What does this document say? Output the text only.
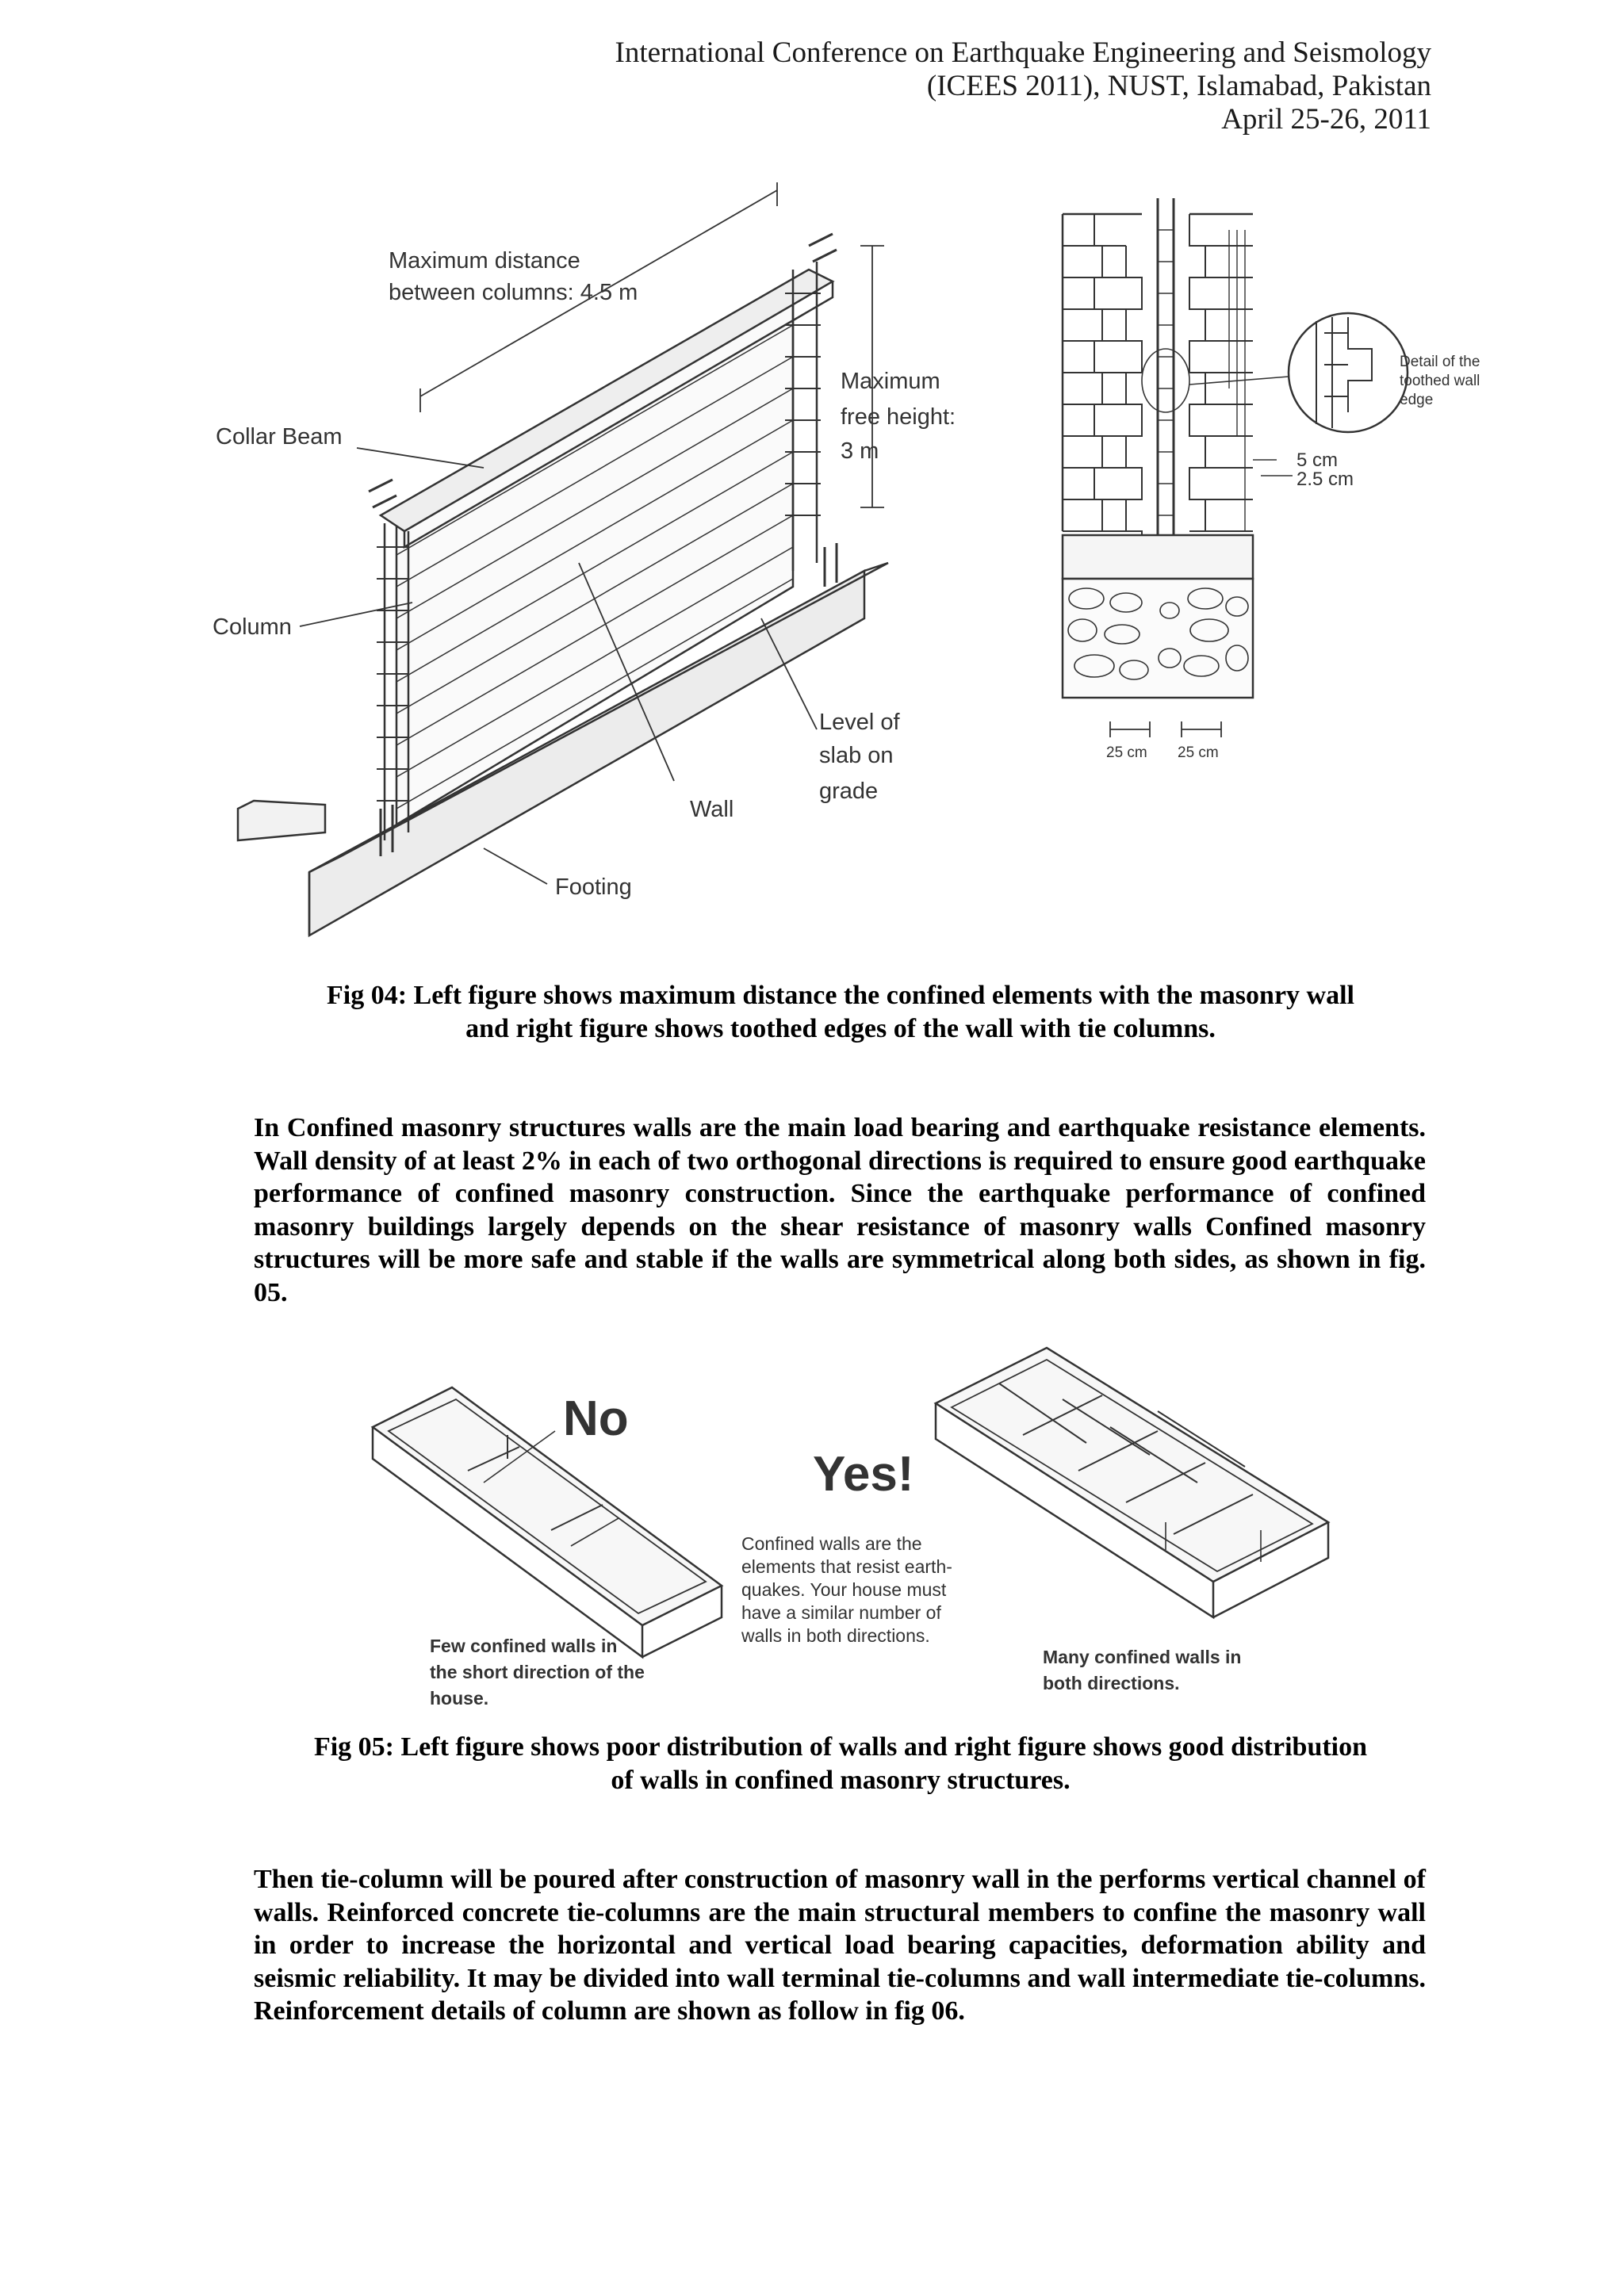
International Conference on Earthquake Engineering and Seismology
(ICEES 2011), NUST, Islamabad, Pakistan
April 25-26, 2011
Maximum distance
between columns: 4.5 m
Collar Beam
Column
Maximum
free height:
3 m
Level of
slab on
grade
Wall
Footing
Detail of the
toothed wall
edge
5 cm
2.5 cm
25 cm 25 cm
Fig 04: Left figure shows maximum distance the confined elements with the masonry wall
and right figure shows toothed edges of the wall with tie columns.
In Confined masonry structures walls are the main load bearing and earthquake resistance elements. Wall density of at least 2% in each of two orthogonal directions is required to ensure good earthquake performance of confined masonry construction. Since the earthquake performance of confined masonry buildings largely depends on the shear resistance of masonry walls Confined masonry structures will be more safe and stable if the walls are symmetrical along both sides, as shown in fig. 05.
No
Yes!
Confined walls are the
elements that resist earth-
quakes. Your house must
have a similar number of
walls in both directions.
Few confined walls in
the short direction of the
house.
Many confined walls in
both directions.
Fig 05: Left figure shows poor distribution of walls and right figure shows good distribution
of walls in confined masonry structures.
Then tie-column will be poured after construction of masonry wall in the performs vertical channel of walls. Reinforced concrete tie-columns are the main structural members to confine the masonry wall in order to increase the horizontal and vertical load bearing capacities, deformation ability and seismic reliability. It may be divided into wall terminal tie-columns and wall intermediate tie-columns. Reinforcement details of column are shown as follow in fig 06.
